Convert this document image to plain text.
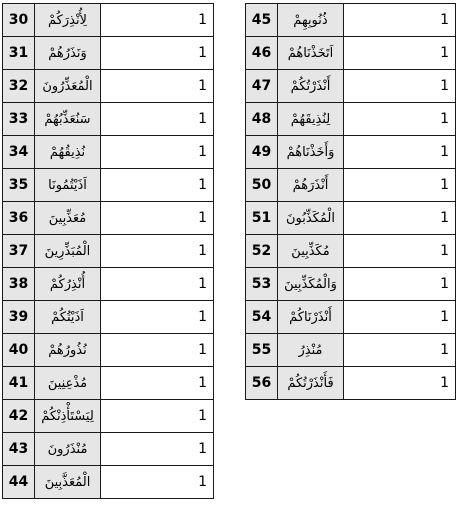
30	لِأُنْذِرَكُمْ	1
31	وَنَذَرُهُمْ	1
32	الْمُعَذِّرُونَ	1
33	سَنُعَذِّبُهُمْ	1
34	نُذِيقُهُمْ	1
35	اَذَيْتُمُونَا	1
36	مُعَذِّبِينَ	1
37	الْمُبَذِّرِينَ	1
38	أُنْذِرُكُمْ	1
39	اَذَيْتُكُمْ	1
40	نُذُورُهُمْ	1
41	مُذْعِنِينَ	1
42	لِيَسْتَأْذِنْكُمْ	1
43	مُنْذَرُونَ	1
44	الْمُعَذَّبِينَ	1
45	ذُنُوبِهِمْ	1
46	اَتَخَذْنَاهُمْ	1
47	أَنْذَرْتُكُمْ	1
48	لِنُذِيقَهُمْ	1
49	وَأَخَذْنَاهُمْ	1
50	أَنْذَرَهُمْ	1
51	الْمُكَذِّبُونَ	1
52	مُكَذِّبِينَ	1
53	وَالْمُكَذِّبِينَ	1
54	أَنْذَرْنَاكُمْ	1
55	مُنْذِرُ	1
56	فَأَنْذَرْتُكُمْ	1
